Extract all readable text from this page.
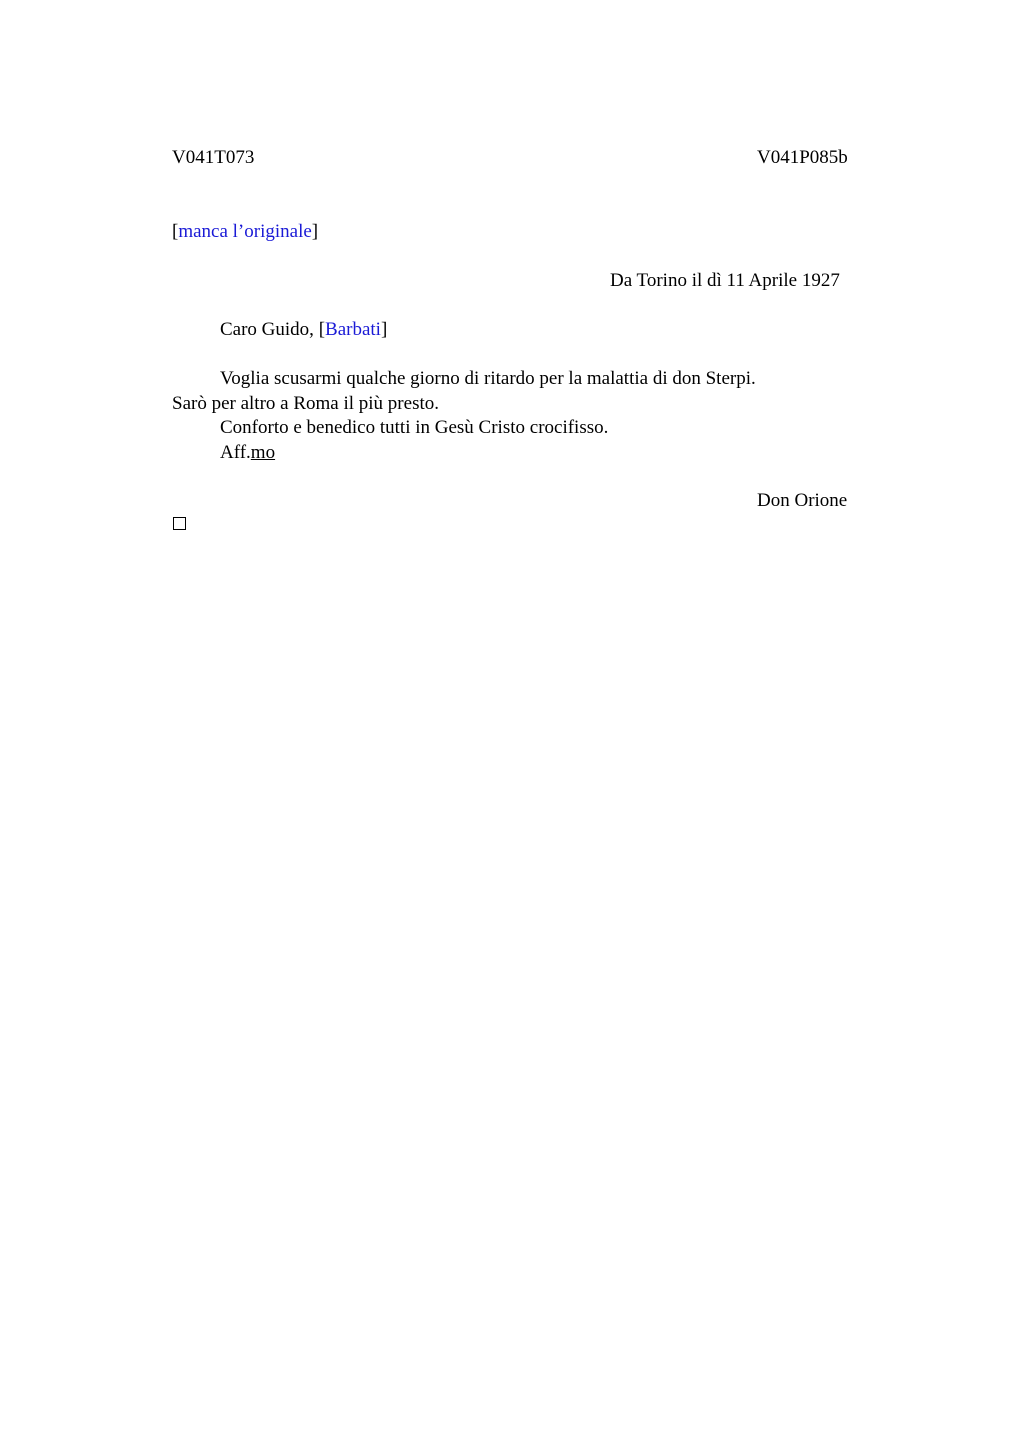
V041T073	V041P085b
[manca l’originale]
Da Torino il dì 11 Aprile 1927
Caro Guido, [Barbati]
Voglia scusarmi qualche giorno di ritardo per la malattia di don Sterpi.
Sarò per altro a Roma il più presto.
Conforto e benedico tutti in Gesù Cristo crocifisso.
Aff.mo
Don Orione
